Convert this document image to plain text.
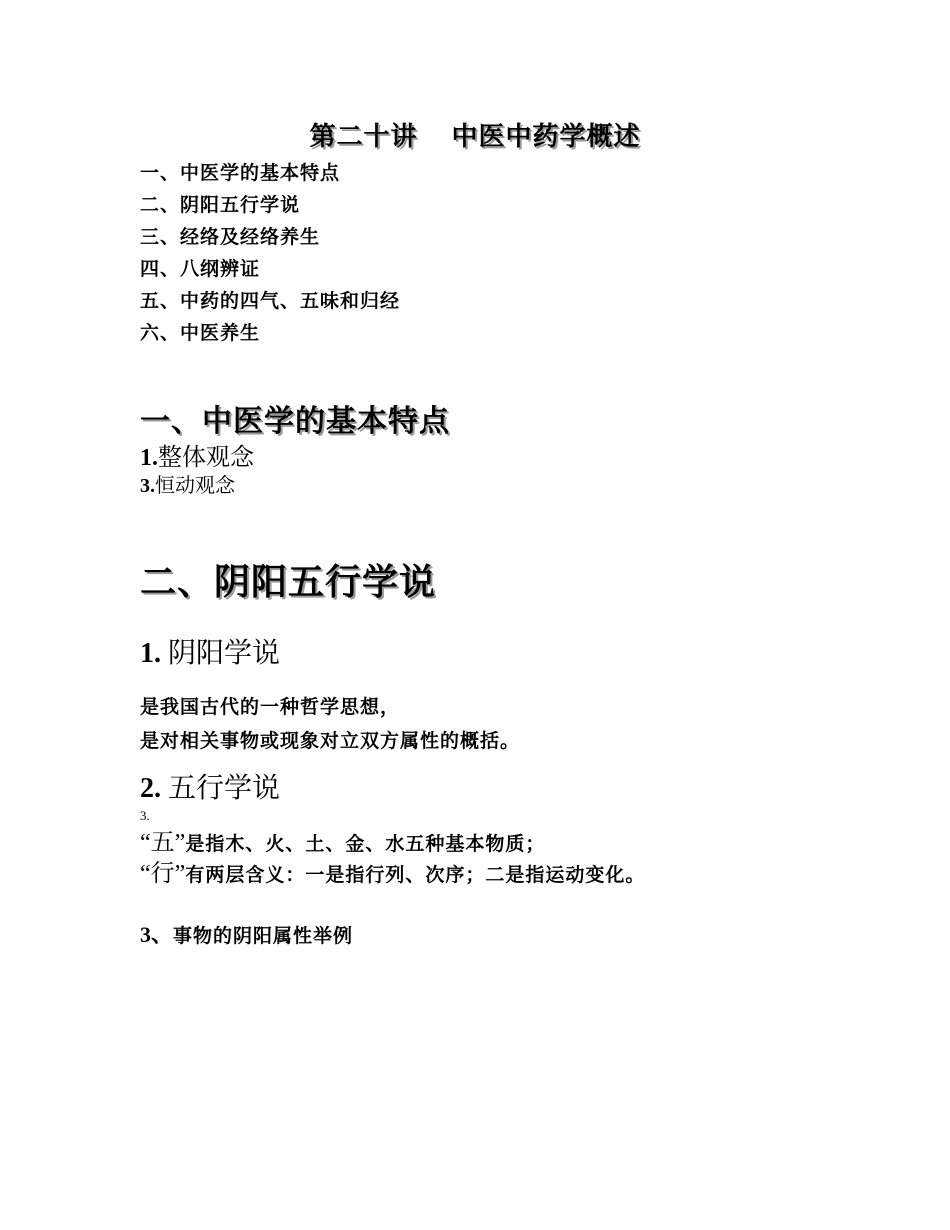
第二十讲 中医中药学概述
一、中医学的基本特点
二、阴阳五行学说
三、经络及经络养生
四、八纲辨证
五、中药的四气、五味和归经
六、中医养生
一、中医学的基本特点
1.整体观念
3.恒动观念
二、阴阳五行学说
1. 阴阳学说
是我国古代的一种哲学思想，
是对相关事物或现象对立双方属性的概括。
2. 五行学说
3.
“五”是指木、火、土、金、水五种基本物质；
“行”有两层含义：一是指行列、次序；二是指运动变化。
3、事物的阴阳属性举例
